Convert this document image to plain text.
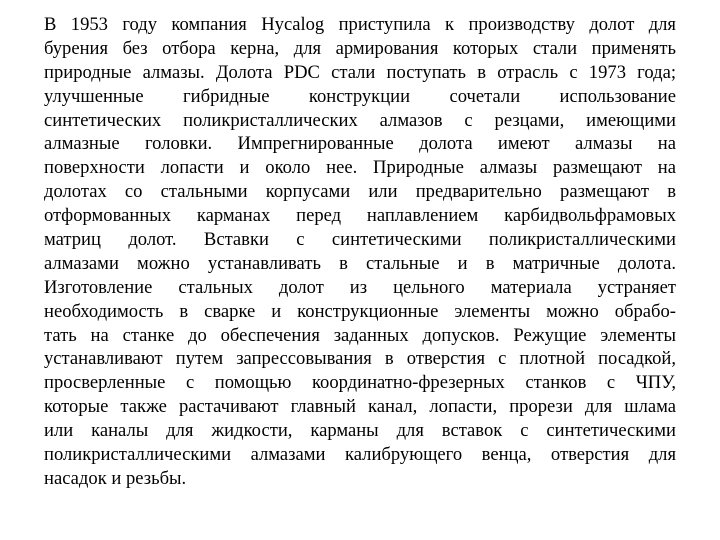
В 1953 году компания Hycalog приступила к производству долот для
бурения без отбора керна, для армирования которых стали применять
природные алмазы. Долота PDC стали поступать в отрасль с 1973 года;
улучшенные гибридные конструкции сочетали использование
синтетических поликристаллических алмазов с резцами, имеющими
алмазные головки. Импрегнированные долота имеют алмазы на
поверхности лопасти и около нее. Природные алмазы размещают на
долотах со стальными корпусами или предварительно размещают в
отформованных карманах перед наплавлением карбидвольфрамовых
матриц долот. Вставки с синтетическими поликристаллическими
алмазами можно устанавливать в стальные и в матричные долота.
Изготовление стальных долот из цельного материала устраняет
необходимость в сварке и конструкционные элементы можно обрабо-
тать на станке до обеспечения заданных допусков. Режущие элементы
устанавливают путем запрессовывания в отверстия с плотной посадкой,
просверленные с помощью координатно-фрезерных станков с ЧПУ,
которые также растачивают главный канал, лопасти, прорези для шлама
или каналы для жидкости, карманы для вставок с синтетическими
поликристаллическими алмазами калибрующего венца, отверстия для
насадок и резьбы.
